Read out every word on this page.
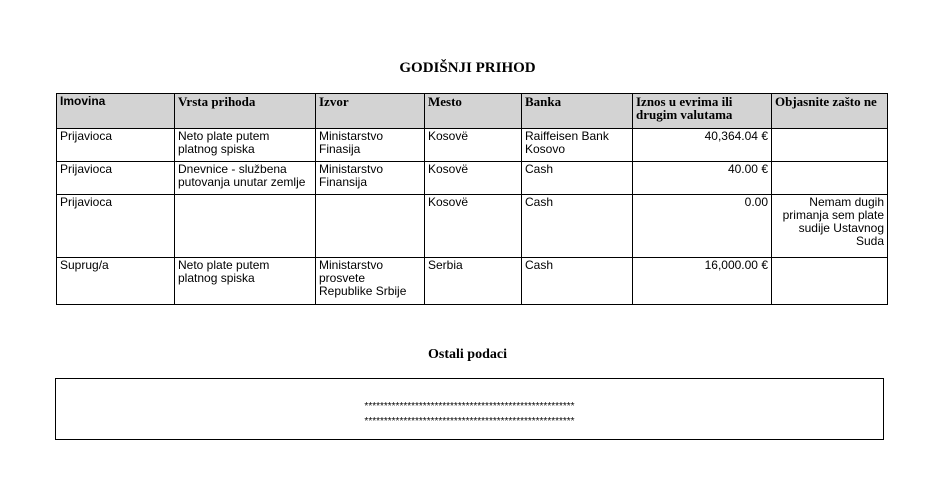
GODIŠNJI PRIHOD
Imovina	Vrsta prihoda	Izvor	Mesto	Banka	Iznos u evrima ili drugim valutama	Objasnite zašto ne
Prijavioca	Neto plate putem platnog spiska	Ministarstvo Finasija	Kosovë	Raiffeisen Bank Kosovo	40,364.04 €	
Prijavioca	Dnevnice - službena putovanja unutar zemlje	Ministarstvo Finansija	Kosovë	Cash	40.00 €	
Prijavioca			Kosovë	Cash	0.00	Nemam dugih primanja sem plate sudije Ustavnog Suda
Suprug/a	Neto plate putem platnog spiska	Ministarstvo prosvete Republike Srbije	Serbia	Cash	16,000.00 €	
Ostali podaci
******************************************************
******************************************************
